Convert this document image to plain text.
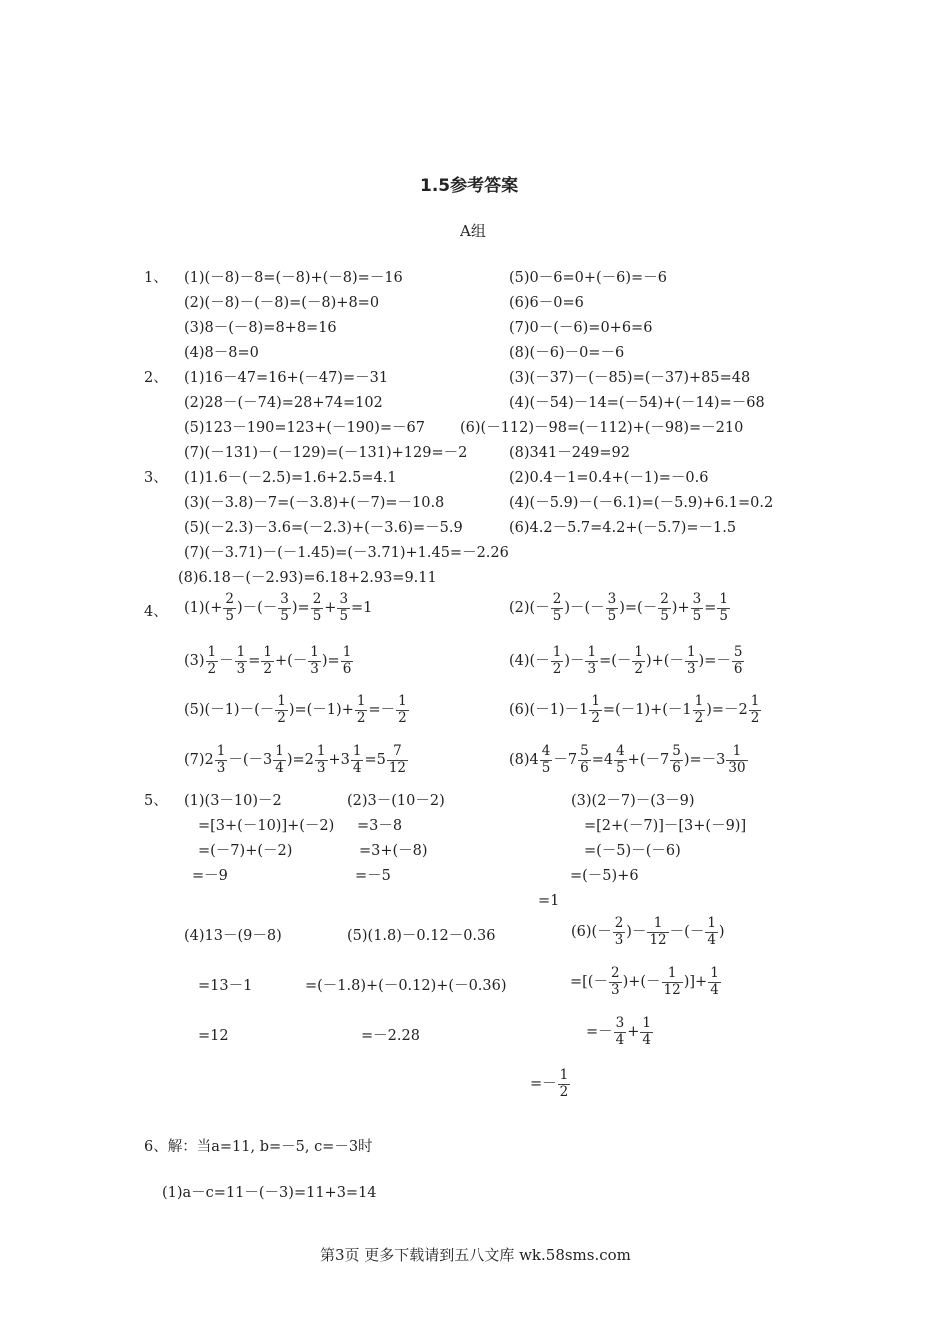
1.5参考答案
A组
1、 (1)(－8)－8=(－8)+(－8)=－16
(2)(－8)－(－8)=(－8)+8=0
(3)8－(－8)=8+8=16
(4)8－8=0
(5)0－6=0+(－6)=－6
(6)6－0=6
(7)0－(－6)=0+6=6
(8)(－6)－0=－6
2、 (1)16－47=16+(－47)=－31
(2)28－(－74)=28+74=102
(5)123－190=123+(－190)=－67
(7)(－131)－(－129)=(－131)+129=－2
(3)(－37)－(－85)=(－37)+85=48
(4)(－54)－14=(－54)+(－14)=－68
(6)(－112)－98=(－112)+(－98)=－210
(8)341－249=92
3、 (1)1.6－(－2.5)=1.6+2.5=4.1
(3)(－3.8)－7=(－3.8)+(－7)=－10.8
(5)(－2.3)－3.6=(－2.3)+(－3.6)=－5.9
(7)(－3.71)－(－1.45)=(－3.71)+1.45=－2.26
(8)6.18－(－2.93)=6.18+2.93=9.11
(2)0.4－1=0.4+(－1)=－0.6
(4)(－5.9)－(－6.1)=(－5.9)+6.1=0.2
(6)4.2－5.7=4.2+(－5.7)=－1.5
4、 $(1)(+ \frac{2}{5}$ )－(－ $\frac{3}{5}$ )= $\frac{2}{5} + \frac{3}{5} =1$	$(2)(- \frac{2}{5}$ )－(－ $\frac{3}{5}$ )=(－ $\frac{2}{5}$ )+ $\frac{3}{5} = \frac{1}{5}$
$(3) \frac{1}{2} - \frac{1}{3} = \frac{1}{2}$ +(－ $\frac{1}{3}$ )= $\frac{1}{6}$	$(4)(- \frac{1}{2}$ )－ $\frac{1}{3}$ =(－ $\frac{1}{2}$ )+(－ $\frac{1}{3}$ )=－ $\frac{5}{6}$
$(5)(-1)-(- \frac{1}{2} )=(-1)+ \frac{1}{2} =- \frac{1}{2}$	$(6)(-1)-1 \frac{1}{2} =(-1)+(-1 \frac{1}{2} )=-2 \frac{1}{2}$
$(7)2 \frac{1}{3} -(-3 \frac{1}{4} )=2 \frac{1}{3} +3 \frac{1}{4} =5 \frac{7}{12}$	$(8)4 \frac{4}{5} -7 \frac{5}{6} =4 \frac{4}{5} +(-7 \frac{5}{6} )=-3 \frac{1}{30}$
5、 (1)(3－10)－2
=[3+(－10)]+(－2)
=(－7)+(－2)
=－9
(2)3－(10－2)
=3－8
=3+(－8)
=－5
(3)(2－7)－(3－9)
=[2+(－7)]－[3+(－9)]
=(－5)－(－6)
=(－5)+6
=1
(4)13－(9－8)
=13－1
=12
(5)(1.8)－0.12－0.36
=(－1.8)+(－0.12)+(－0.36)
=－2.28
$(6)(- \frac{2}{3}$ )－ $\frac{1}{12}$ －(－ $\frac{1}{4}$ )
=[(－ $\frac{2}{3}$ )+(－ $\frac{1}{12}$ )]+ $\frac{1}{4}$
=－ $\frac{3}{4} + \frac{1}{4}$
=－ $\frac{1}{2}$
6、解：当a=11, b=－5, c=－3时
(1)a－c=11－(－3)=11+3=14
第3页 更多下载请到五八文库 wk.58sms.com
